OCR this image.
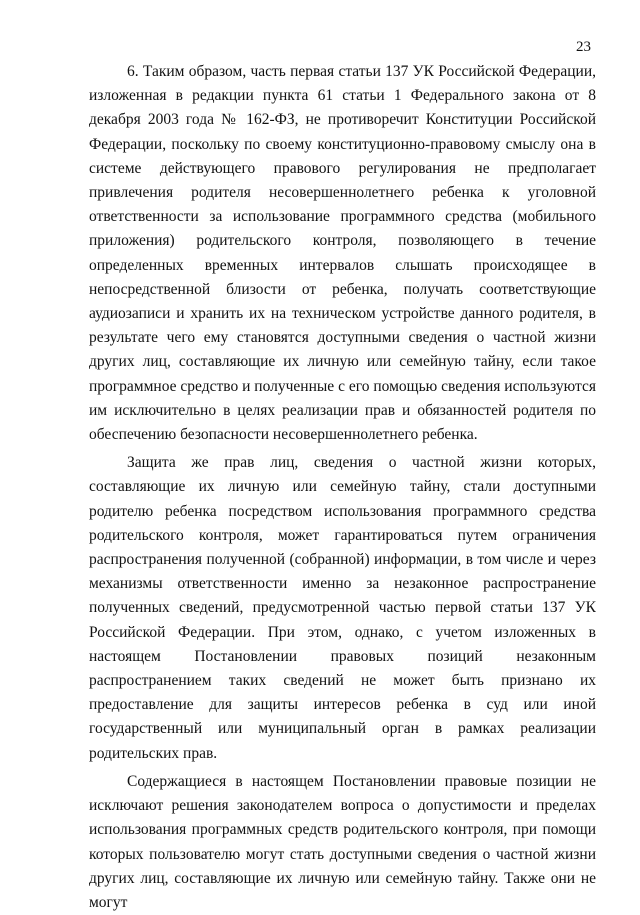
23

6. Таким образом, часть первая статьи 137 УК Российской Федерации, изложенная в редакции пункта 61 статьи 1 Федерального закона от 8 декабря 2003 года № 162-ФЗ, не противоречит Конституции Российской Федерации, поскольку по своему конституционно-правовому смыслу она в системе действующего правового регулирования не предполагает привлечения родителя несовершеннолетнего ребенка к уголовной ответственности за использование программного средства (мобильного приложения) родительского контроля, позволяющего в течение определенных временных интервалов слышать происходящее в непосредственной близости от ребенка, получать соответствующие аудиозаписи и хранить их на техническом устройстве данного родителя, в результате чего ему становятся доступными сведения о частной жизни других лиц, составляющие их личную или семейную тайну, если такое программное средство и полученные с его помощью сведения используются им исключительно в целях реализации прав и обязанностей родителя по обеспечению безопасности несовершеннолетнего ребенка.

Защита же прав лиц, сведения о частной жизни которых, составляющие их личную или семейную тайну, стали доступными родителю ребенка посредством использования программного средства родительского контроля, может гарантироваться путем ограничения распространения полученной (собранной) информации, в том числе и через механизмы ответственности именно за незаконное распространение полученных сведений, предусмотренной частью первой статьи 137 УК Российской Федерации. При этом, однако, с учетом изложенных в настоящем Постановлении правовых позиций незаконным распространением таких сведений не может быть признано их предоставление для защиты интересов ребенка в суд или иной государственный или муниципальный орган в рамках реализации родительских прав.

Содержащиеся в настоящем Постановлении правовые позиции не исключают решения законодателем вопроса о допустимости и пределах использования программных средств родительского контроля, при помощи которых пользователю могут стать доступными сведения о частной жизни других лиц, составляющие их личную или семейную тайну. Также они не могут
